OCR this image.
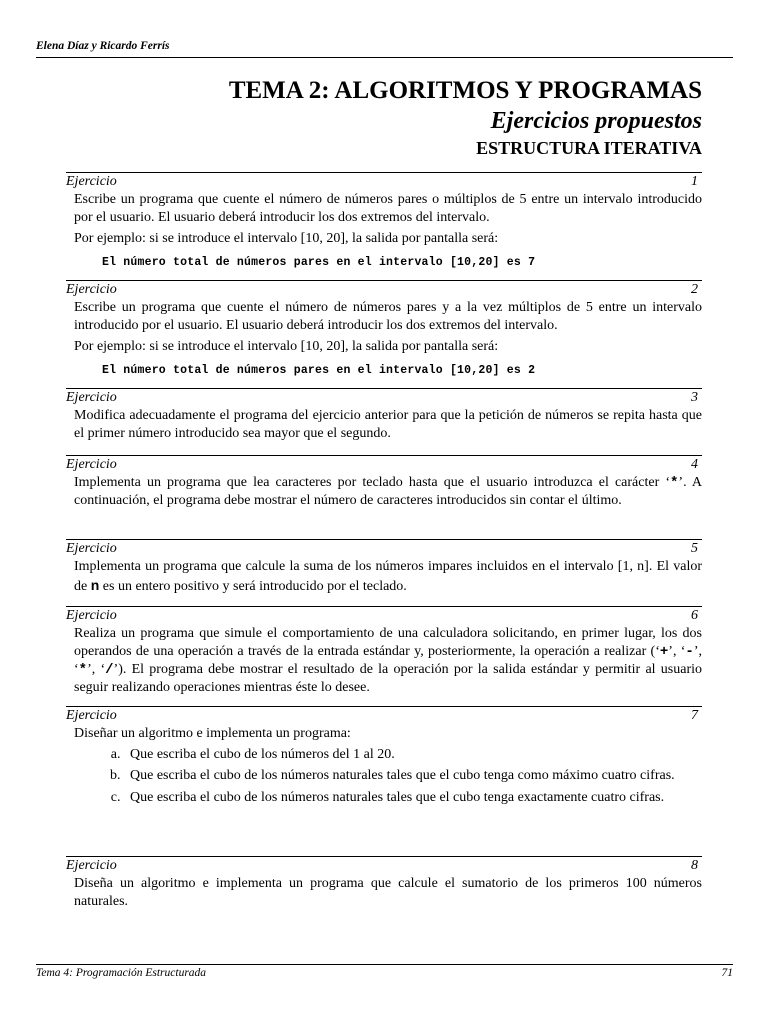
Elena Díaz y Ricardo Ferrís
TEMA 2: ALGORITMOS Y PROGRAMAS
Ejercicios propuestos
ESTRUCTURA ITERATIVA
Ejercicio	1

Escribe un programa que cuente el número de números pares o múltiplos de 5 entre un intervalo introducido por el usuario. El usuario deberá introducir los dos extremos del intervalo.

Por ejemplo: si se introduce el intervalo [10, 20], la salida por pantalla será:

El número total de números pares en el intervalo [10,20] es 7
Ejercicio	2

Escribe un programa que cuente el número de números pares y a la vez múltiplos de 5 entre un intervalo introducido por el usuario. El usuario deberá introducir los dos extremos del intervalo.

Por ejemplo: si se introduce el intervalo [10, 20], la salida por pantalla será:

El número total de números pares en el intervalo [10,20] es 2
Ejercicio	3

Modifica adecuadamente el programa del ejercicio anterior para que la petición de números se repita hasta que el primer número introducido sea mayor que el segundo.

Ejercicio	4

Implementa un programa que lea caracteres por teclado hasta que el usuario introduzca el carácter ‘*’. A continuación, el programa debe mostrar el número de caracteres introducidos sin contar el último.

Ejercicio	5

Implementa un programa que calcule la suma de los números impares incluidos en el intervalo [1, n]. El valor de n es un entero positivo y será introducido por el teclado.

Ejercicio	6

Realiza un programa que simule el comportamiento de una calculadora solicitando, en primer lugar, los dos operandos de una operación a través de la entrada estándar y, posteriormente, la operación a realizar (‘+’, ‘-’, ‘*’, ‘/’). El programa debe mostrar el resultado de la operación por la salida estándar y permitir al usuario seguir realizando operaciones mientras éste lo desee.

Ejercicio	7

Diseñar un algoritmo e implementa un programa:

a. Que escriba el cubo de los números del 1 al 20.
b. Que escriba el cubo de los números naturales tales que el cubo tenga como máximo cuatro cifras.
c. Que escriba el cubo de los números naturales tales que el cubo tenga exactamente cuatro cifras.
Ejercicio	8

Diseña un algoritmo e implementa un programa que calcule el sumatorio de los primeros 100 números naturales.

Tema 4: Programación Estructurada	71
